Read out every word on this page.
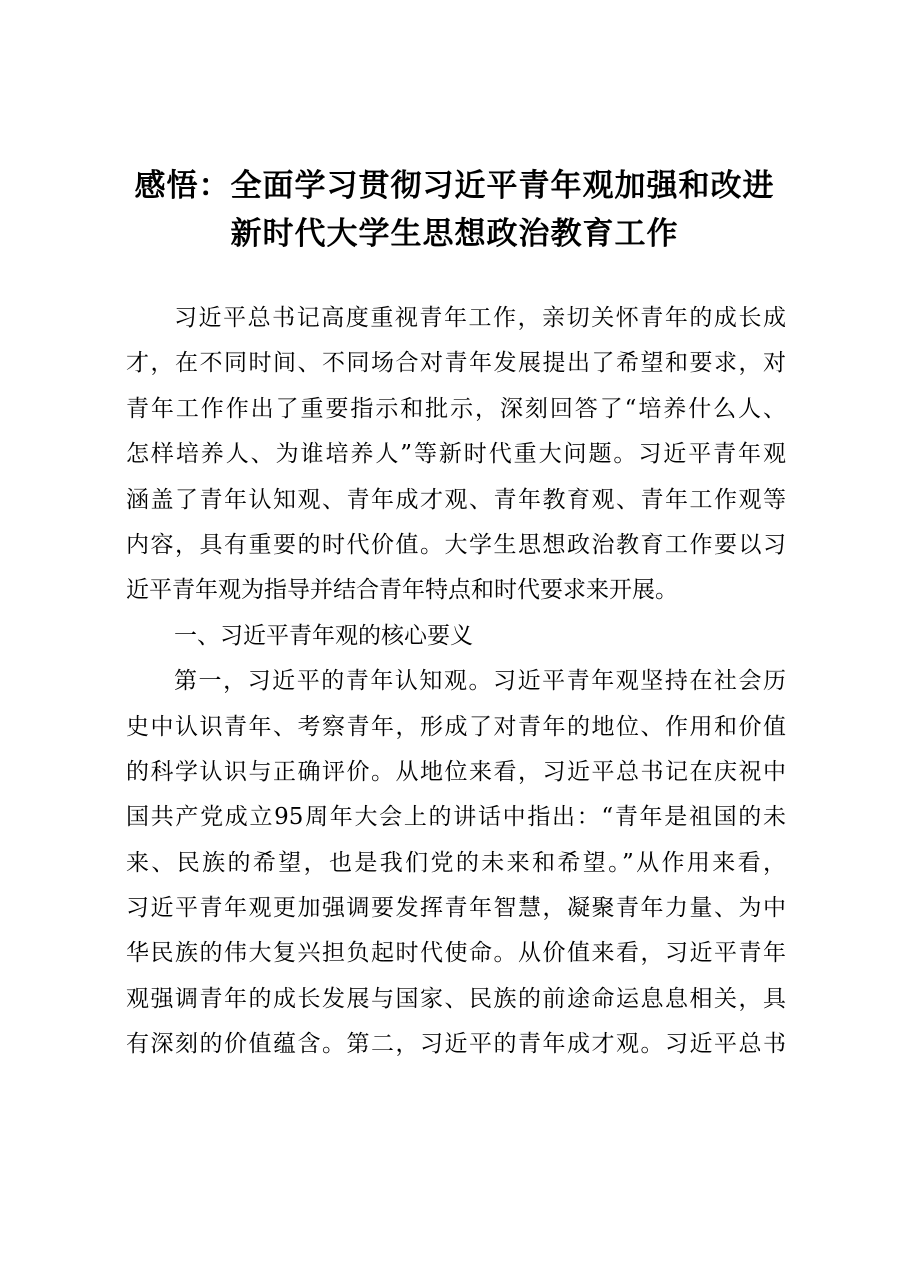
感悟：全面学习贯彻习近平青年观加强和改进
新时代大学生思想政治教育工作
习近平总书记高度重视青年工作，亲切关怀青年的成长成
才，在不同时间、不同场合对青年发展提出了希望和要求，对
青年工作作出了重要指示和批示，深刻回答了“培养什么人、
怎样培养人、为谁培养人”等新时代重大问题。习近平青年观
涵盖了青年认知观、青年成才观、青年教育观、青年工作观等
内容，具有重要的时代价值。大学生思想政治教育工作要以习
近平青年观为指导并结合青年特点和时代要求来开展。
一、习近平青年观的核心要义
第一，习近平的青年认知观。习近平青年观坚持在社会历
史中认识青年、考察青年，形成了对青年的地位、作用和价值
的科学认识与正确评价。从地位来看，习近平总书记在庆祝中
国共产党成立95周年大会上的讲话中指出：“青年是祖国的未
来、民族的希望，也是我们党的未来和希望。”从作用来看，
习近平青年观更加强调要发挥青年智慧，凝聚青年力量、为中
华民族的伟大复兴担负起时代使命。从价值来看，习近平青年
观强调青年的成长发展与国家、民族的前途命运息息相关，具
有深刻的价值蕴含。第二，习近平的青年成才观。习近平总书
